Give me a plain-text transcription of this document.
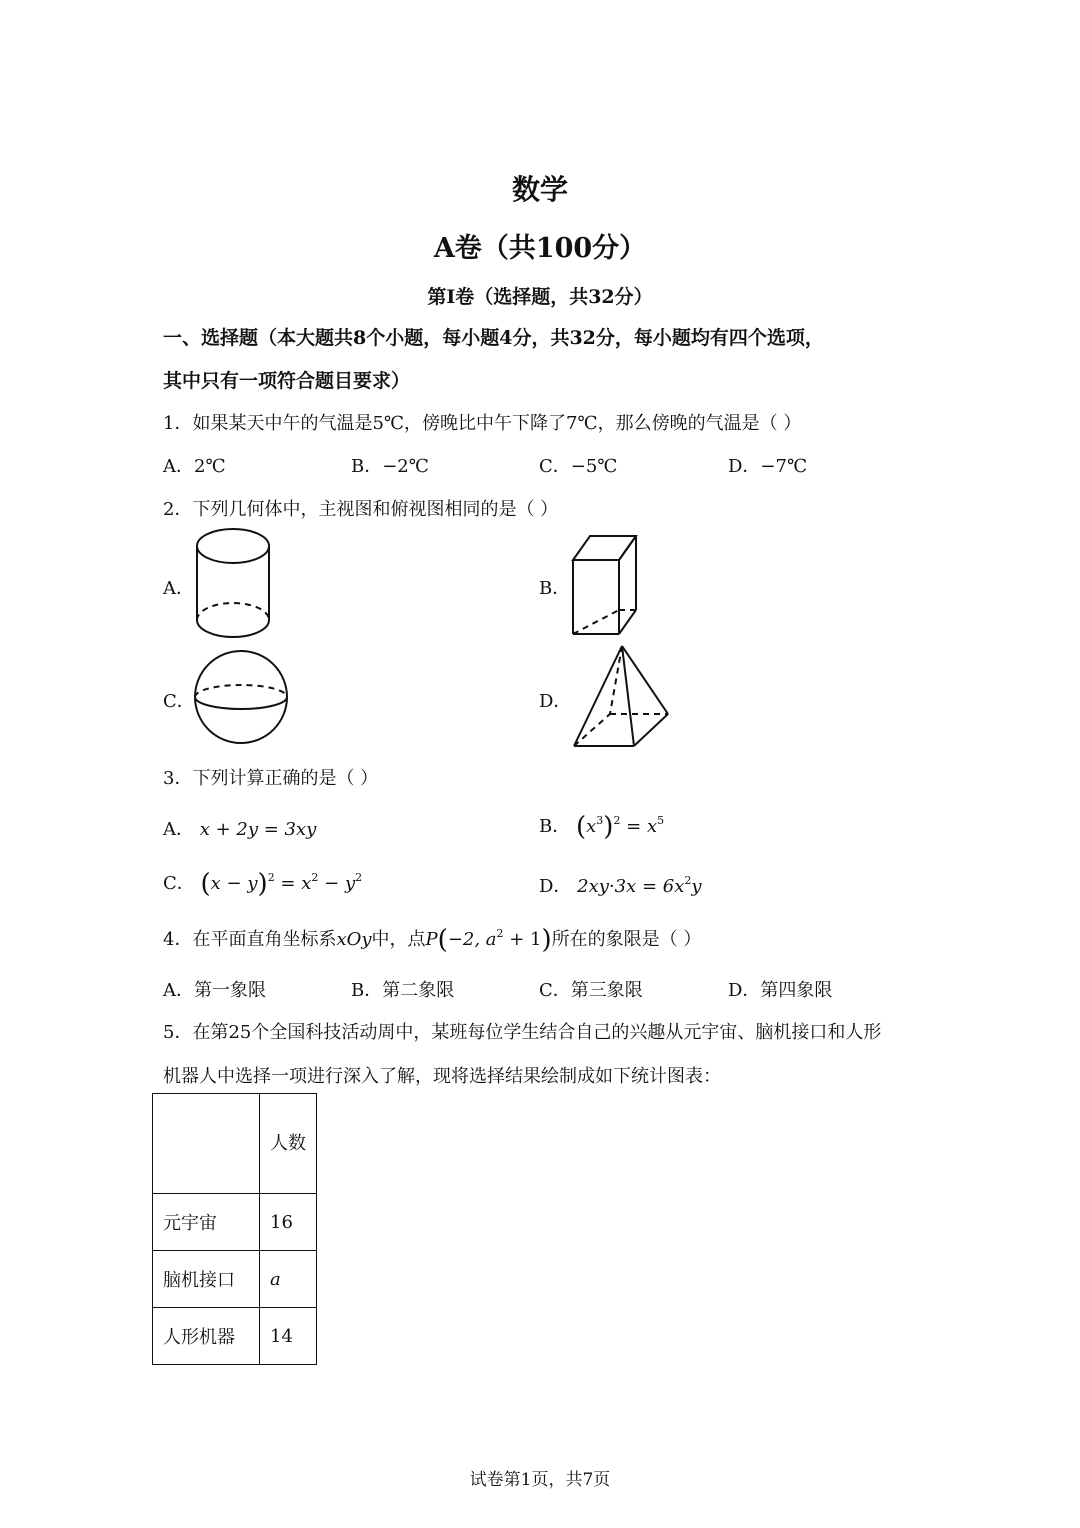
数学
A卷（共100分）
第Ⅰ卷（选择题，共32分）
一、选择题（本大题共8个小题，每小题4分，共32分，每小题均有四个选项，
其中只有一项符合题目要求）
1．如果某天中午的气温是5℃，傍晚比中午下降了7℃，那么傍晚的气温是（ ）
A．2℃	B．−2℃	C．−5℃	D．−7℃
2．下列几何体中，主视图和俯视图相同的是（ ）
A．	B．
C．	D．
3．下列计算正确的是（ ）
A． x + 2y = 3xy	B． $(x^3)^2 = x^5$
C． $(x - y)^2 = x^2 - y^2$	D． $2xy\cdot 3x = 6x^2y$
4．在平面直角坐标系xOy中，点P(−2, $a^2 + 1$)所在的象限是（ ）
A．第一象限	B．第二象限	C．第三象限	D．第四象限
5．在第25个全国科技活动周中，某班每位学生结合自己的兴趣从元宇宙、脑机接口和人形
机器人中选择一项进行深入了解，现将选择结果绘制成如下统计图表：
	人数
元宇宙	16
脑机接口	a
人形机器	14
试卷第1页，共7页
